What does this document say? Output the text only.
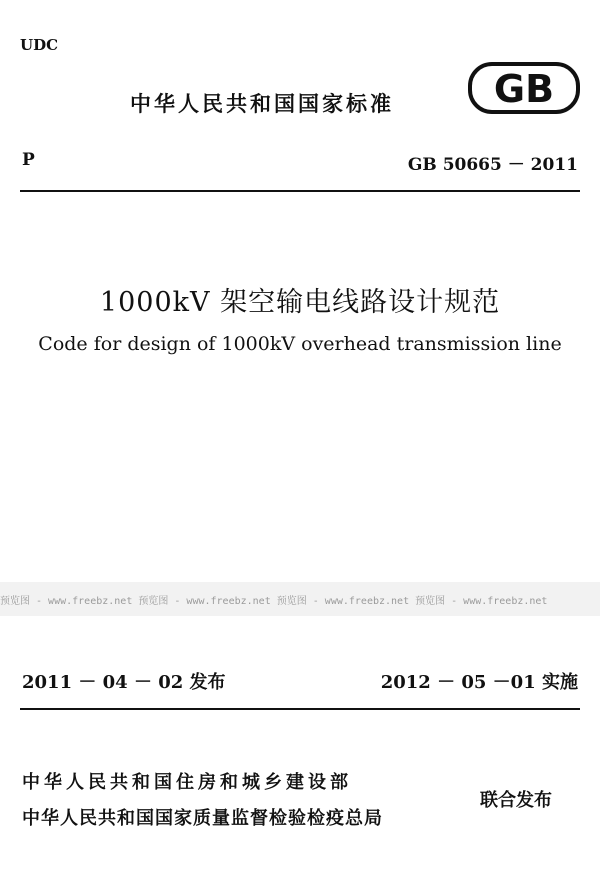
UDC
中华人民共和国国家标准	GB
P	GB 50665 － 2011
1000kV 架空输电线路设计规范
Code for design of 1000kV overhead transmission line
预览图 - www.freebz.net 预览图 - www.freebz.net 预览图 - www.freebz.net 预览图 - www.freebz.net
2011 － 04 － 02 发布	2012 － 05 －01 实施
中华人民共和国住房和城乡建设部
中华人民共和国国家质量监督检验检疫总局
联合发布
